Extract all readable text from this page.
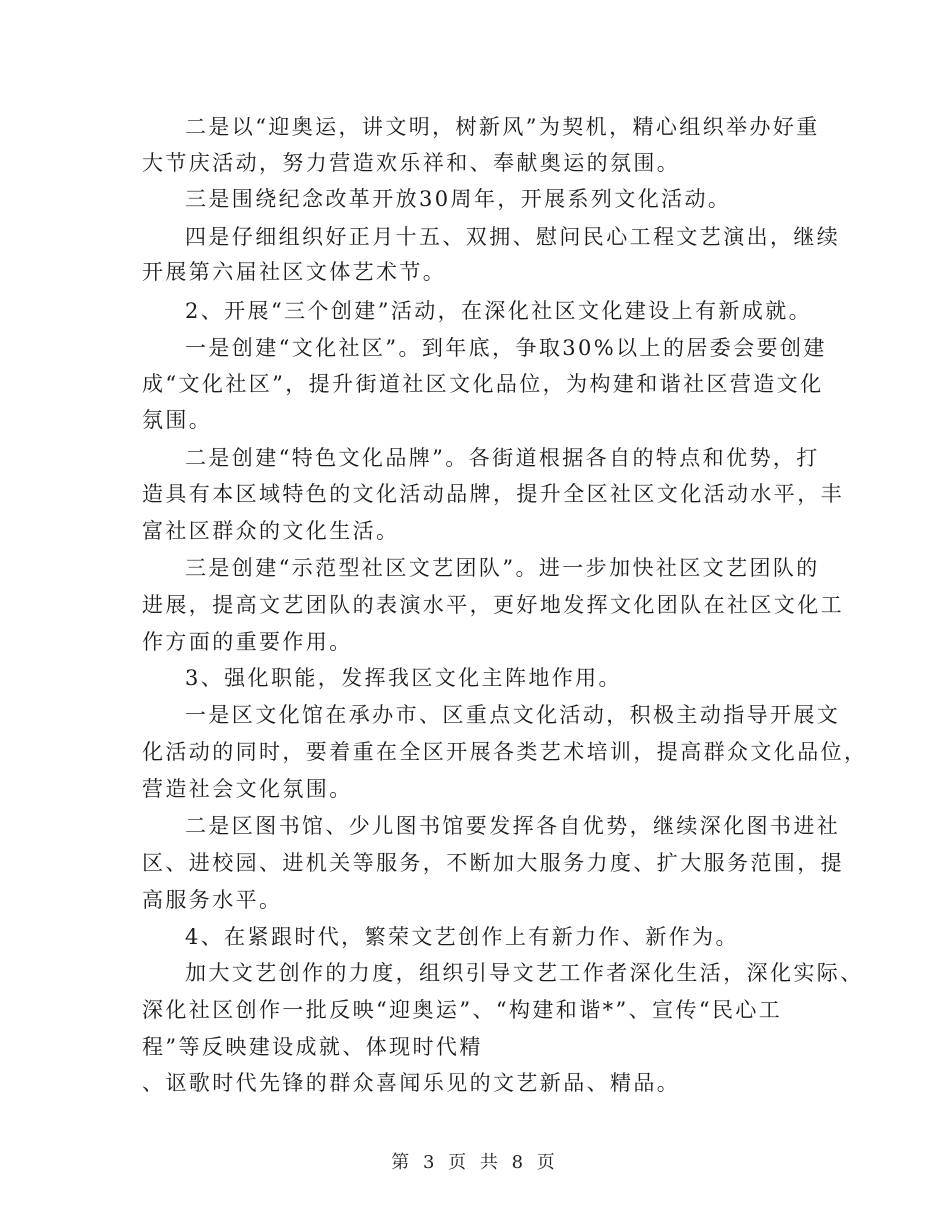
二是以“迎奥运，讲文明，树新风”为契机，精心组织举办好重
大节庆活动，努力营造欢乐祥和、奉献奥运的氛围。
三是围绕纪念改革开放30周年，开展系列文化活动。
四是仔细组织好正月十五、双拥、慰问民心工程文艺演出，继续
开展第六届社区文体艺术节。
2、开展“三个创建”活动，在深化社区文化建设上有新成就。
一是创建“文化社区”。到年底，争取30%以上的居委会要创建
成“文化社区”，提升街道社区文化品位，为构建和谐社区营造文化
氛围。
二是创建“特色文化品牌”。各街道根据各自的特点和优势，打
造具有本区域特色的文化活动品牌，提升全区社区文化活动水平，丰
富社区群众的文化生活。
三是创建“示范型社区文艺团队”。进一步加快社区文艺团队的
进展，提高文艺团队的表演水平，更好地发挥文化团队在社区文化工
作方面的重要作用。
3、强化职能，发挥我区文化主阵地作用。
一是区文化馆在承办市、区重点文化活动，积极主动指导开展文
化活动的同时，要着重在全区开展各类艺术培训，提高群众文化品位，
营造社会文化氛围。
二是区图书馆、少儿图书馆要发挥各自优势，继续深化图书进社
区、进校园、进机关等服务，不断加大服务力度、扩大服务范围，提
高服务水平。
4、在紧跟时代，繁荣文艺创作上有新力作、新作为。
加大文艺创作的力度，组织引导文艺工作者深化生活，深化实际、
深化社区创作一批反映“迎奥运”、“构建和谐*”、宣传“民心工
程”等反映建设成就、体现时代精
、讴歌时代先锋的群众喜闻乐见的文艺新品、精品。
第 3 页 共 8 页
